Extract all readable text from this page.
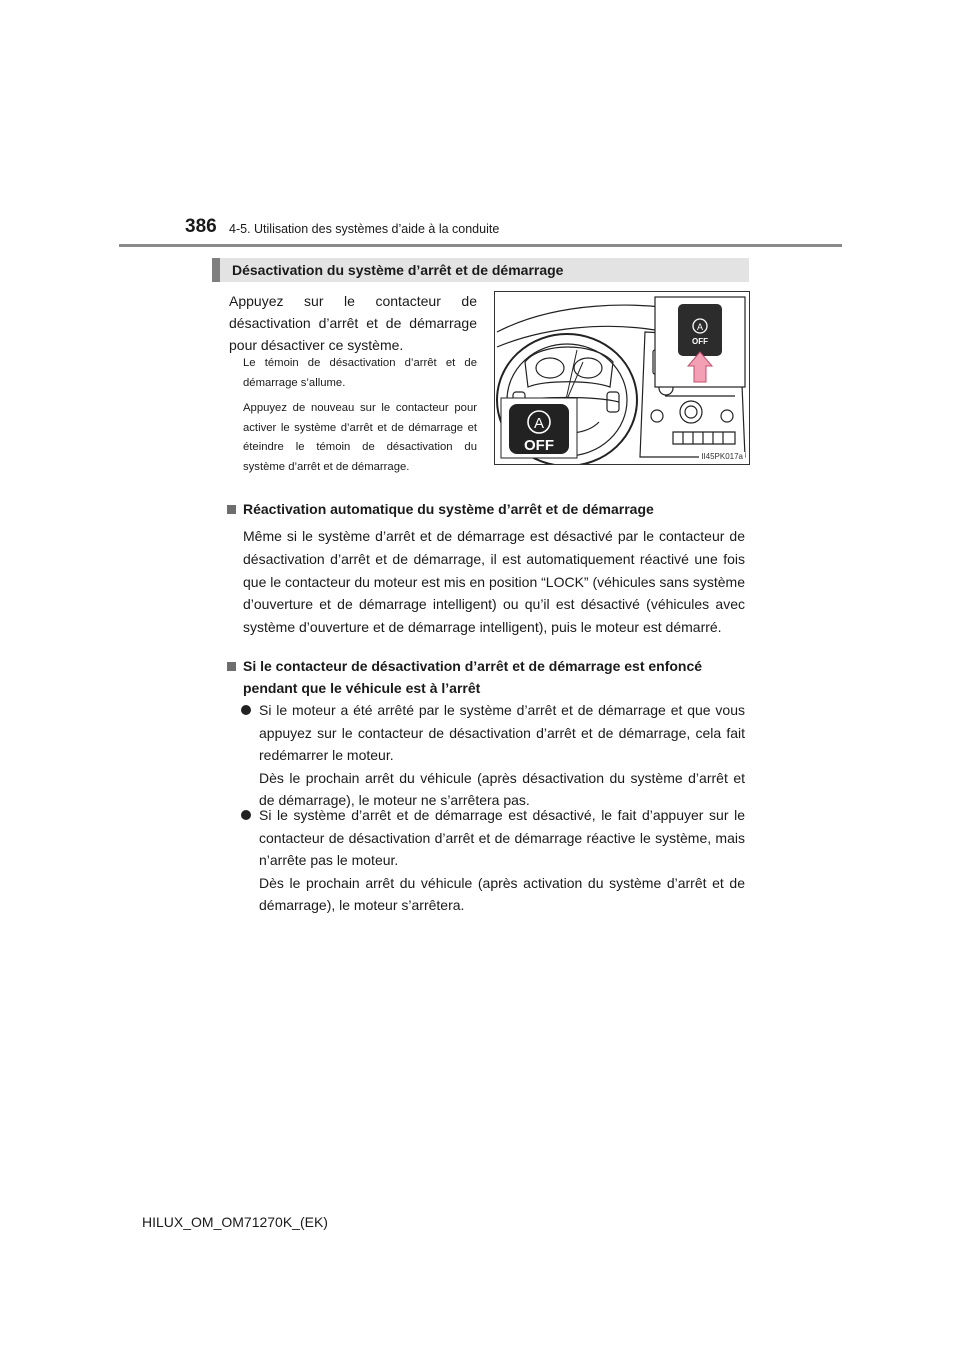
386 4-5. Utilisation des systèmes d’aide à la conduite
Désactivation du système d’arrêt et de démarrage
Appuyez sur le contacteur de désactivation d’arrêt et de démarrage pour désactiver ce système.
Le témoin de désactivation d’arrêt et de démarrage s’allume.
Appuyez de nouveau sur le contacteur pour activer le système d’arrêt et de démarrage et éteindre le témoin de désactivation du système d’arrêt et de démarrage.
A
OFF
A
OFF
II45PK017a
Réactivation automatique du système d’arrêt et de démarrage
Même si le système d’arrêt et de démarrage est désactivé par le contacteur de désactivation d’arrêt et de démarrage, il est automatiquement réactivé une fois que le contacteur du moteur est mis en position “LOCK” (véhicules sans système d’ouverture et de démarrage intelligent) ou qu’il est désactivé (véhicules avec système d’ouverture et de démarrage intelligent), puis le moteur est démarré.
Si le contacteur de désactivation d’arrêt et de démarrage est enfoncé pendant que le véhicule est à l’arrêt
Si le moteur a été arrêté par le système d’arrêt et de démarrage et que vous appuyez sur le contacteur de désactivation d’arrêt et de démarrage, cela fait redémarrer le moteur.
Dès le prochain arrêt du véhicule (après désactivation du système d’arrêt et de démarrage), le moteur ne s’arrêtera pas.
Si le système d’arrêt et de démarrage est désactivé, le fait d’appuyer sur le contacteur de désactivation d’arrêt et de démarrage réactive le système, mais n’arrête pas le moteur.
Dès le prochain arrêt du véhicule (après activation du système d’arrêt et de démarrage), le moteur s’arrêtera.
HILUX_OM_OM71270K_(EK)
